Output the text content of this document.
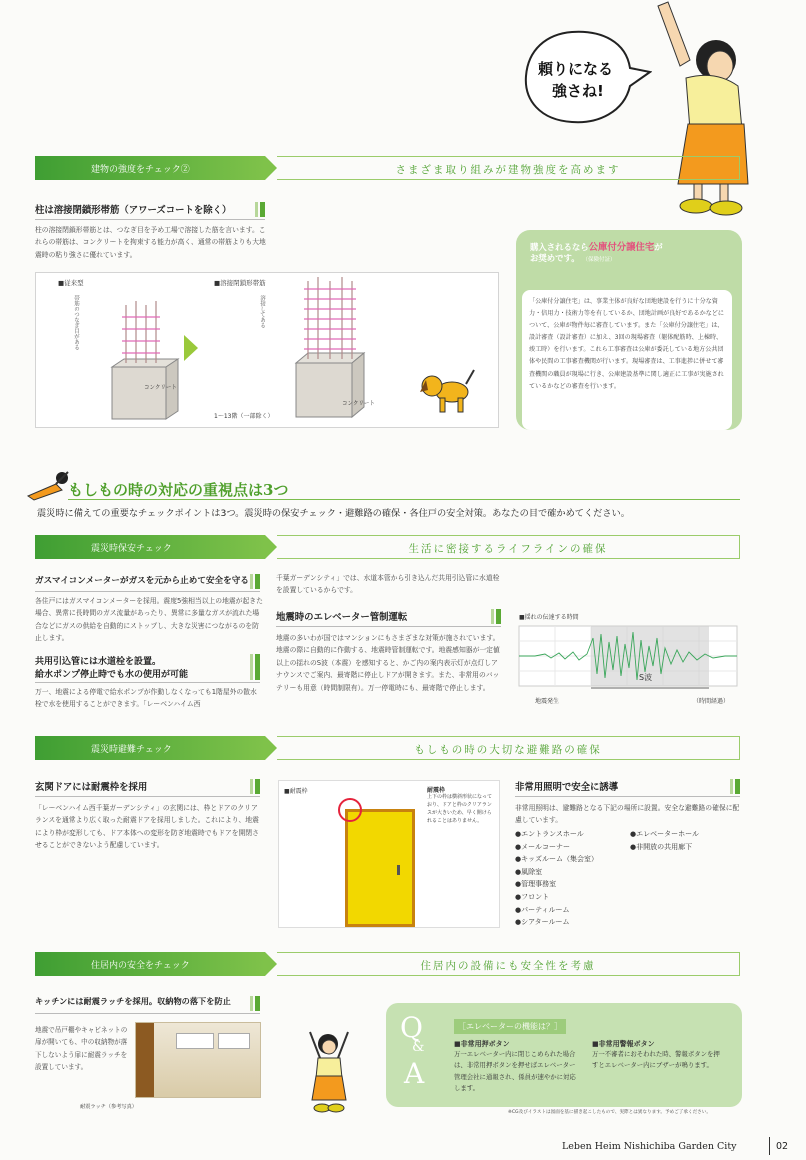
頼りになる
強さね!
建物の強度をチェック②	さまざま取り組みが建物強度を高めます
柱は溶接閉鎖形帯筋（アワーズコートを除く）
柱の溶接閉鎖形帯筋とは、つなぎ目を予め工場で溶接した筋を言います。これらの帯筋は、コンクリートを拘束する能力が高く、通常の帯筋よりも大地震時の粘り強さに優れています。
■従来型	■溶接閉鎖形帯筋
帯筋のつなぎ目がある	溶接してある
コンクリート
コンクリート
1〜13階（一部除く）
購入されるなら公庫付分譲住宅が
お奨めです。 （保険付証）
「公庫付分譲住宅」は、事業主体が良好な団地建設を行うに十分な資力・信用力・技術力等を有しているか、団地計画が良好であるかなどについて、公庫が物件毎に審査しています。また「公庫付分譲住宅」は、設計審査（設計審査）に加え、3回の現場審査（躯体配筋時、上棟時、竣工時）を行います。これら工事審査は公庫が委託している地方公共団体や民間の工事審査機関が行います。現場審査は、工事進捗に併せて審査機関の職員が現場に行き、公庫建設基準に関し適正に工事が実施されているかなどの審査を行います。
もしもの時の対応の重視点は3つ
震災時に備えての重要なチェックポイントは3つ。震災時の保安チェック・避難路の確保・各住戸の安全対策。あなたの目で確かめてください。
震災時保安チェック	生活に密接するライフラインの確保
ガスマイコンメーターがガスを元から止めて安全を守る
各住戸にはガスマイコンメーターを採用。震度5強相当以上の地震が起きた場合、異常に長時間のガス流量があったり、異常に多量なガスが流れた場合などにガスの供給を自動的にストップし、大きな災害につながるのを防止します。
共用引込管には水道栓を設置。
給水ポンプ停止時でも水の使用が可能
万一、地震による停電で給水ポンプが作動しなくなっても1階屋外の散水栓で水を使用することができます。「レーベンハイム西
千葉ガーデンシティ」では、水道本管から引き込んだ共用引込管に水道栓を設置しているからです。
地震時のエレベーター管制運転
地震の多いわが国ではマンションにもさまざまな対策が施されています。地震の際に自動的に作動する、地震時管制運転です。地震感知器が一定値以上の揺れのS波（本震）を感知すると、かご内の案内表示灯が点灯しアナウンスでご案内、最寄階に停止しドアが開きます。また、非常用のバッテリーも用意（時間制限有）。万一停電時にも、最寄階で停止します。
■揺れの伝達する時間
S波
地震発生	（時間経過）
震災時避難チェック	もしもの時の大切な避難路の確保
玄関ドアには耐震枠を採用
「レーベンハイム西千葉ガーデンシティ」の玄関には、枠とドアのクリアランスを通常より広く取った耐震ドアを採用しました。これにより、地震により枠が変形しても、ドア本体への変形を防ぎ地震時でもドアを開閉させることができないよう配慮しています。
■耐震枠	耐震枠
上下の枠は横斜形状になっており、ドアと枠のクリアランスが大きいため、早く開けられることはありません。
非常用照明で安全に誘導
非常用照明は、避難路となる下記の場所に設置。安全な避難路の確保に配慮しています。
●エントランスホール
●メールコーナー
●キッズルーム（集会室）
●風除室
●管理事務室
●フロント
●パーティルーム
●シアタールーム
●エレベーターホール
●非開放の共用廊下
住居内の安全をチェック	住居内の設備にも安全性を考慮
キッチンには耐震ラッチを採用。収納物の落下を防止
地震で吊戸棚やキャビネットの扉が開いても、中の収納物が落下しないよう扉に耐震ラッチを設置しています。
耐震ラッチ（参考写真）
Q
&
A
［エレベーターの機能は？］
■非常用押ボタン
万一エレベーター内に閉じこめられた場合は、非常用押ボタンを押せばエレベーター管理会社に通報され、係員が速やかに対応します。
■非常用警報ボタン
万一不審者におそわれた時、警報ボタンを押すとエレベーター内にブザーが鳴ります。
※CG及びイラストは図面を基に描き起こしたもので、実際とは異なります。予めご了承ください。
Leben Heim Nishichiba Garden City	02
